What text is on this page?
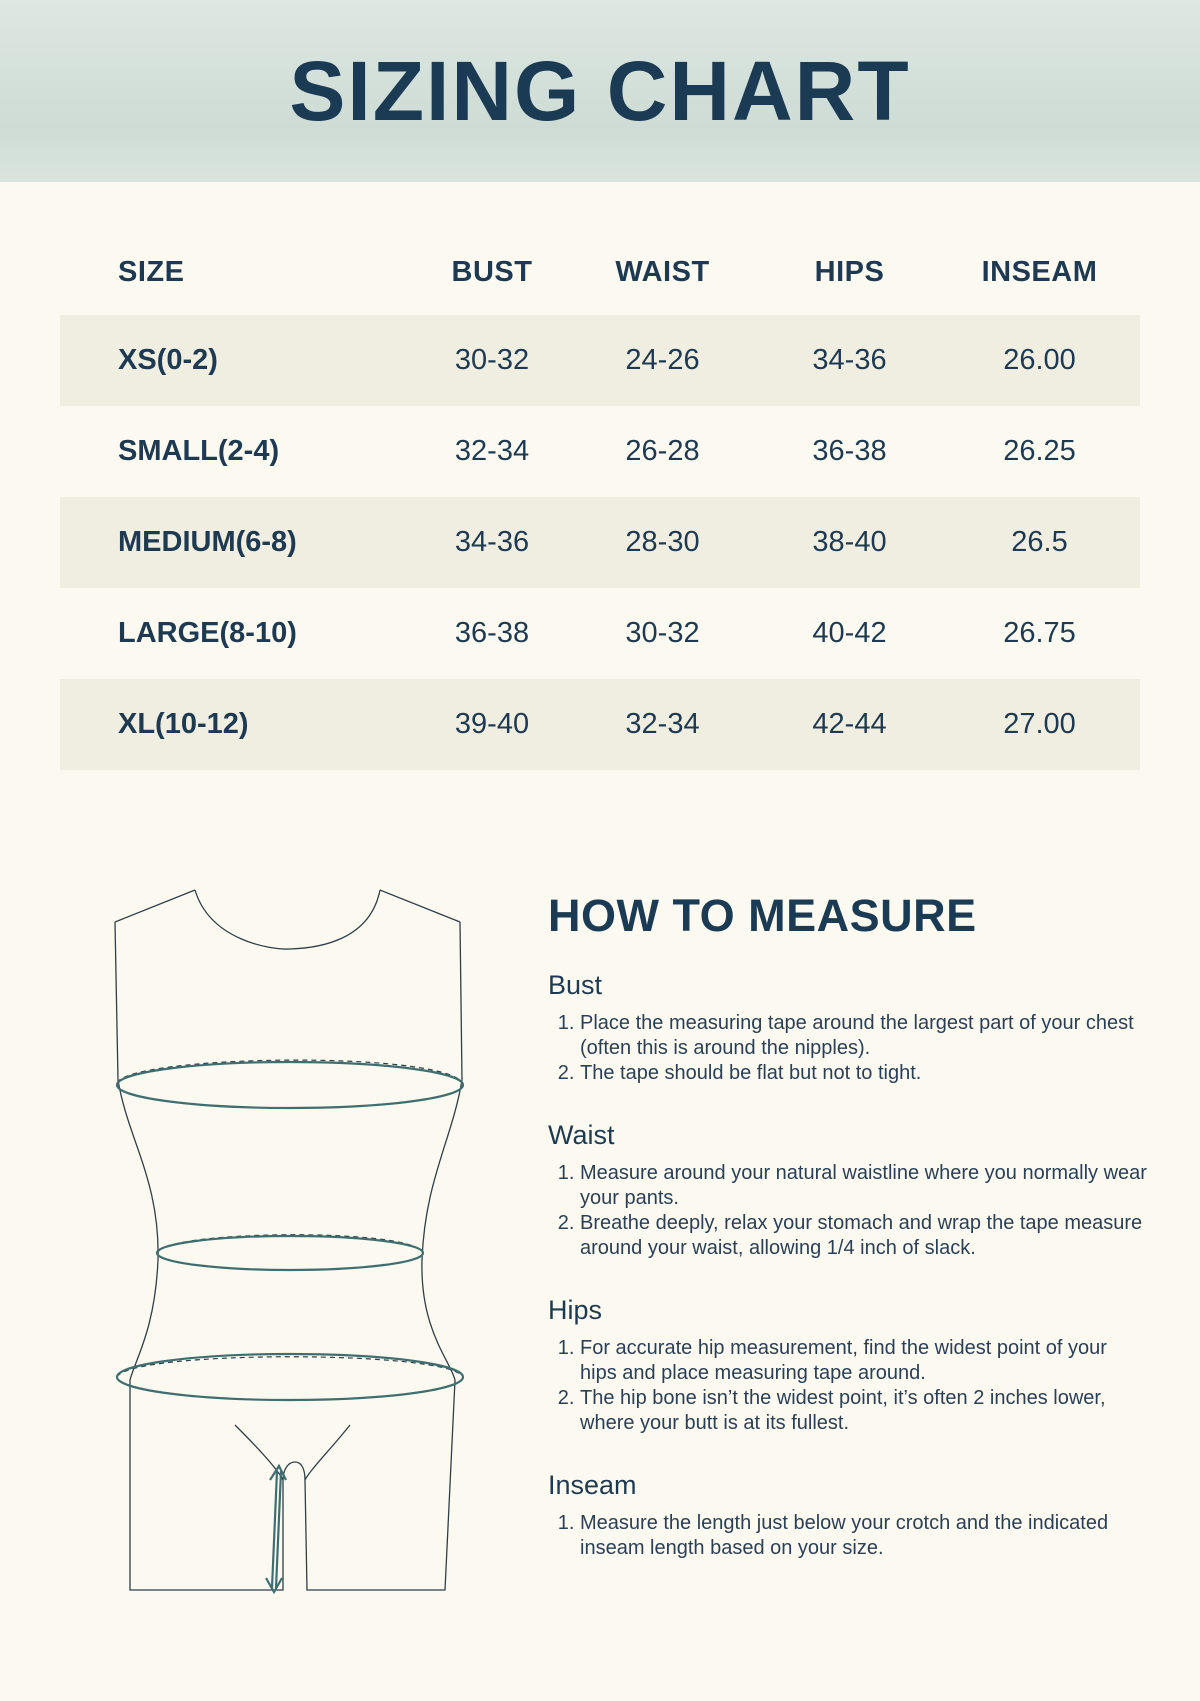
SIZING CHART
SIZE	BUST	WAIST	HIPS	INSEAM
XS(0-2)	30-32	24-26	34-36	26.00
SMALL(2-4)	32-34	26-28	36-38	26.25
MEDIUM(6-8)	34-36	28-30	38-40	26.5
LARGE(8-10)	36-38	30-32	40-42	26.75
XL(10-12)	39-40	32-34	42-44	27.00
HOW TO MEASURE
Bust
1. Place the measuring tape around the largest part of your chest (often this is around the nipples).
2. The tape should be flat but not to tight.
Waist
1. Measure around your natural waistline where you normally wear your pants.
2. Breathe deeply, relax your stomach and wrap the tape measure around your waist, allowing 1/4 inch of slack.
Hips
1. For accurate hip measurement, find the widest point of your hips and place measuring tape around.
2. The hip bone isn’t the widest point, it’s often 2 inches lower, where your butt is at its fullest.
Inseam
1. Measure the length just below your crotch and the indicated inseam length based on your size.
